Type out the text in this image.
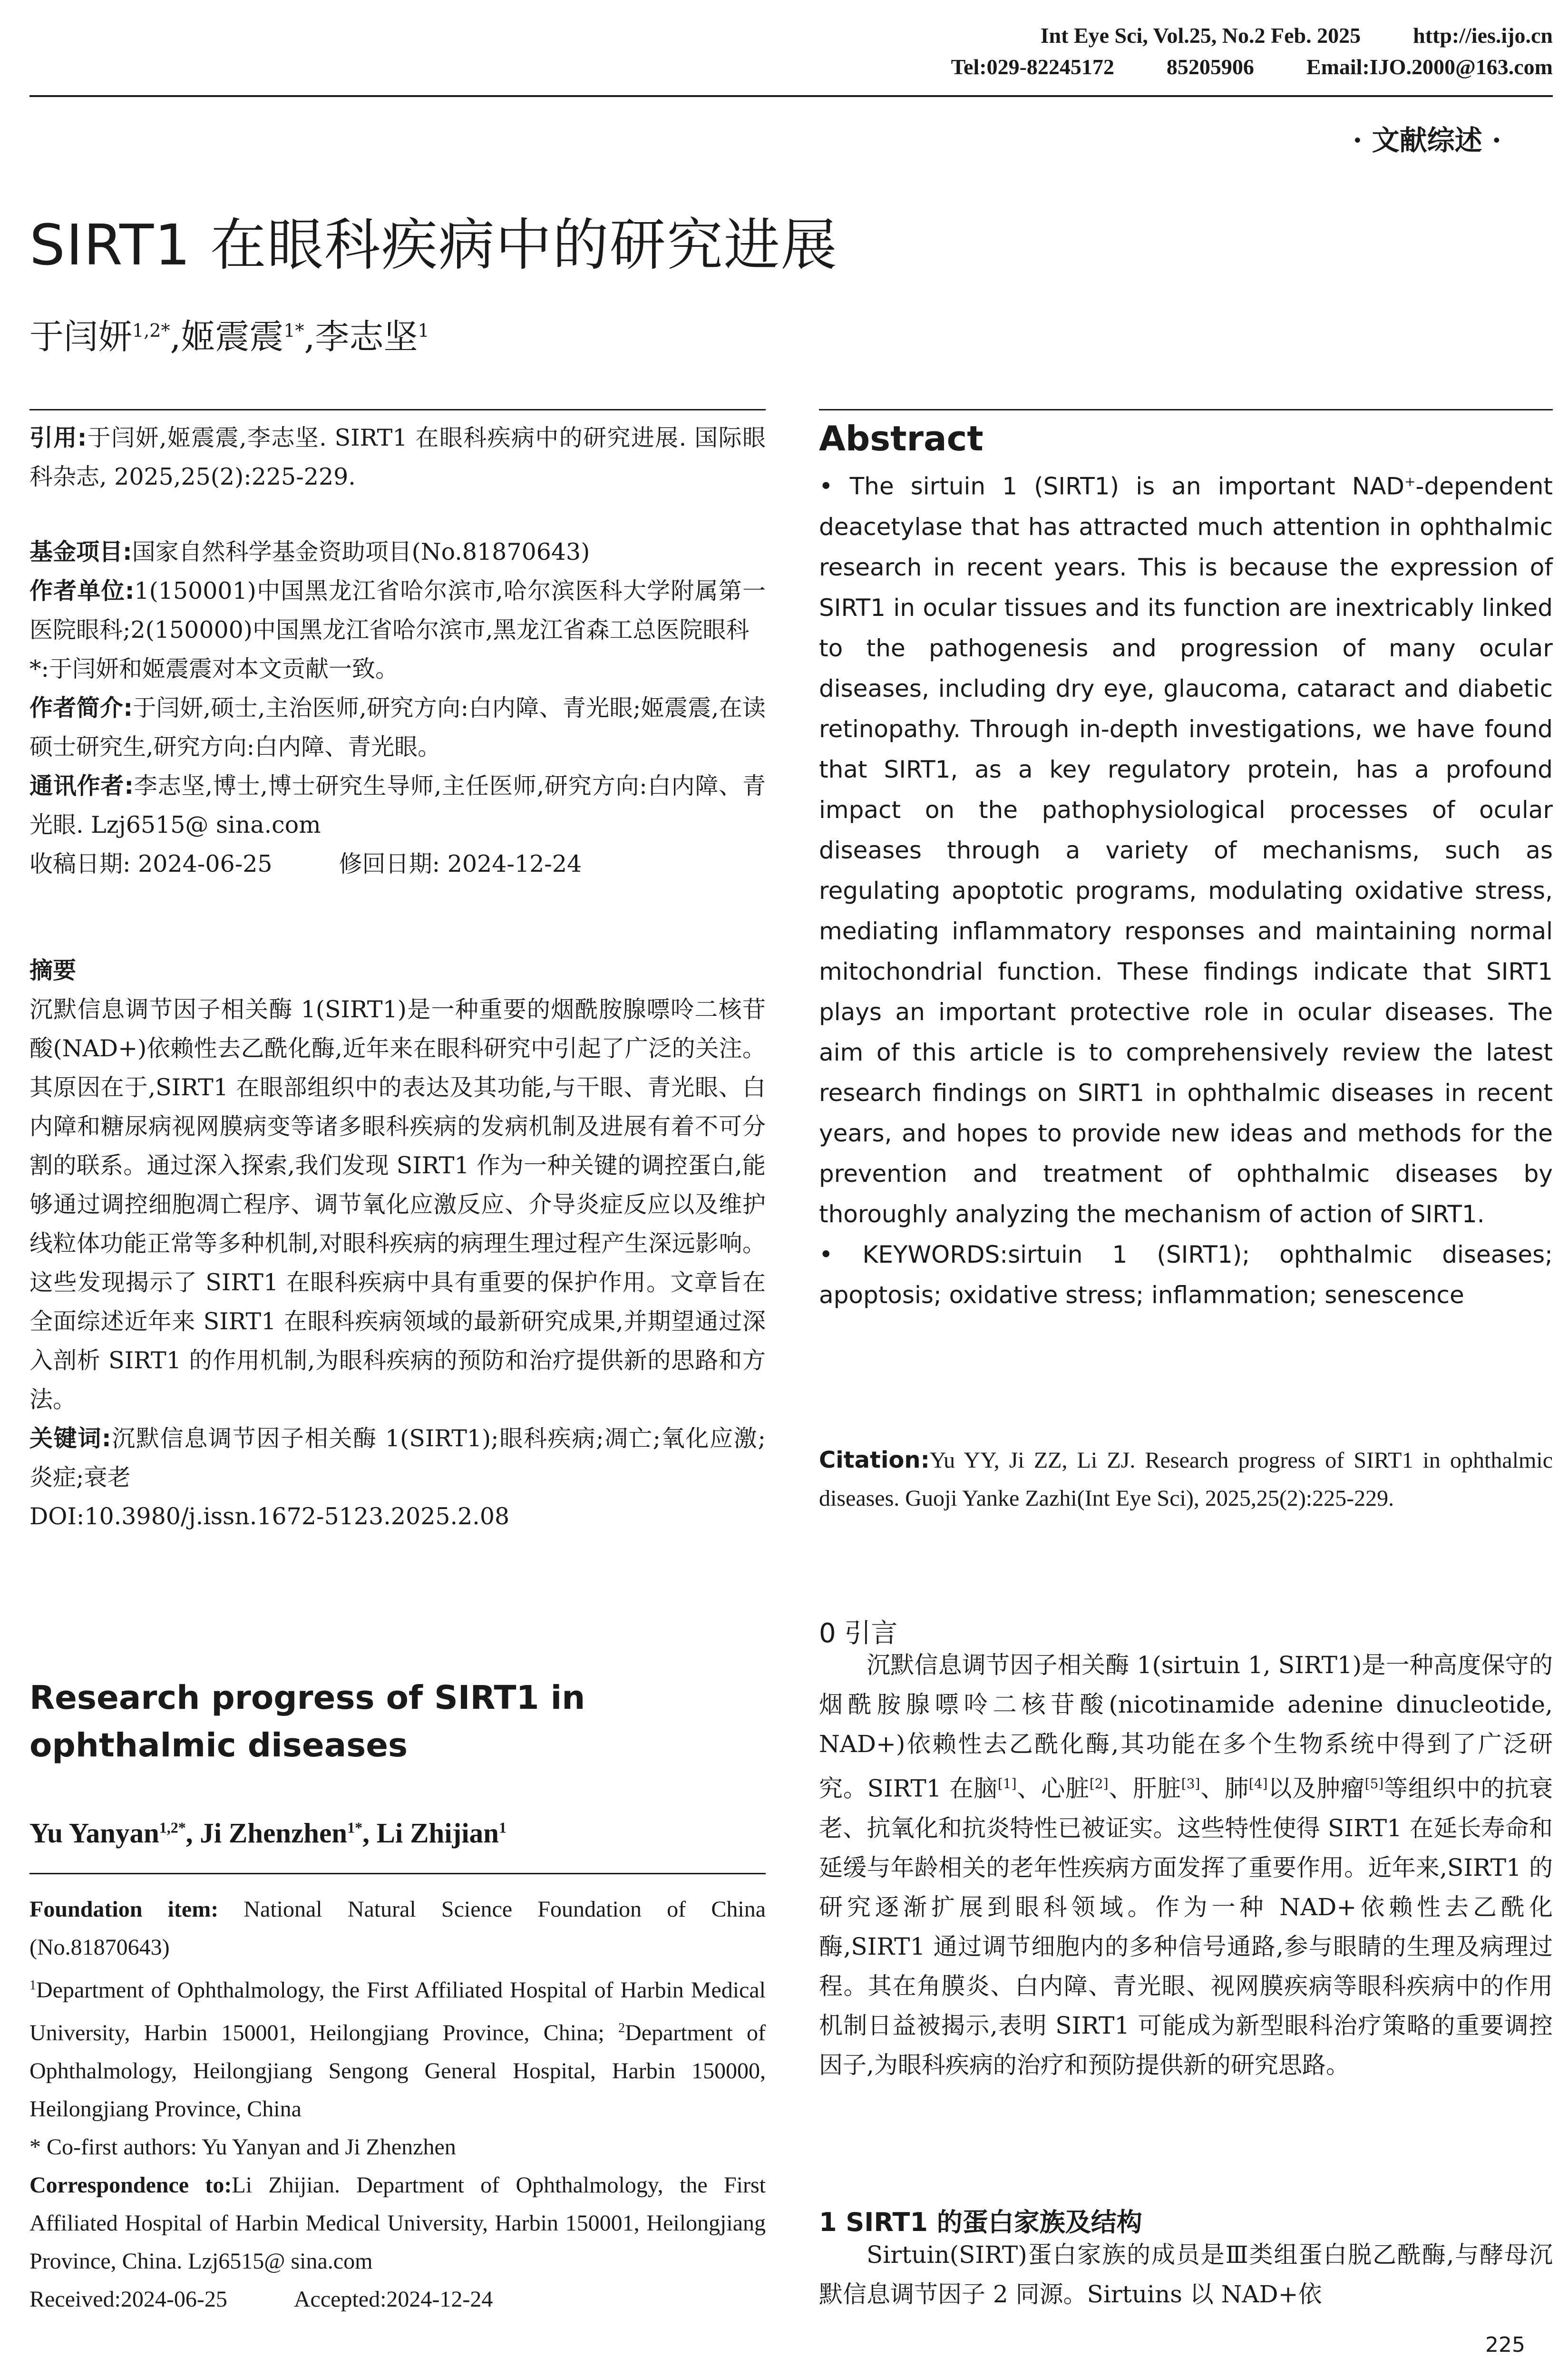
Int Eye Sci, Vol.25, No.2 Feb. 2025 http://ies.ijo.cn
Tel:029-82245172 85205906 Email:IJO.2000@163.com
· 文献综述 ·
SIRT1 在眼科疾病中的研究进展
于闫妍$^{1,2*}$,姬震震$^{1*}$,李志坚$^1$
引用:于闫妍,姬震震,李志坚. SIRT1 在眼科疾病中的研究进展. 国际眼科杂志, 2025,25(2):225-229.

基金项目:国家自然科学基金资助项目(No.81870643)

作者单位:1(150001)中国黑龙江省哈尔滨市,哈尔滨医科大学附属第一医院眼科;2(150000)中国黑龙江省哈尔滨市,黑龙江省森工总医院眼科

*:于闫妍和姬震震对本文贡献一致。

作者简介:于闫妍,硕士,主治医师,研究方向:白内障、青光眼;姬震震,在读硕士研究生,研究方向:白内障、青光眼。

通讯作者:李志坚,博士,博士研究生导师,主任医师,研究方向:白内障、青光眼. Lzj6515@ sina.com

收稿日期: 2024-06-25	修回日期: 2024-12-24

摘要

沉默信息调节因子相关酶 1(SIRT1)是一种重要的烟酰胺腺嘌呤二核苷酸(NAD+)依赖性去乙酰化酶,近年来在眼科研究中引起了广泛的关注。其原因在于,SIRT1 在眼部组织中的表达及其功能,与干眼、青光眼、白内障和糖尿病视网膜病变等诸多眼科疾病的发病机制及进展有着不可分割的联系。通过深入探索,我们发现 SIRT1 作为一种关键的调控蛋白,能够通过调控细胞凋亡程序、调节氧化应激反应、介导炎症反应以及维护线粒体功能正常等多种机制,对眼科疾病的病理生理过程产生深远影响。这些发现揭示了 SIRT1 在眼科疾病中具有重要的保护作用。文章旨在全面综述近年来 SIRT1 在眼科疾病领域的最新研究成果,并期望通过深入剖析 SIRT1 的作用机制,为眼科疾病的预防和治疗提供新的思路和方法。

关键词:沉默信息调节因子相关酶 1(SIRT1);眼科疾病;凋亡;氧化应激;炎症;衰老

DOI:10.3980/j.issn.1672-5123.2025.2.08

Research progress of SIRT1 in ophthalmic diseases
Yu Yanyan$^{1,2*}$, Ji Zhenzhen$^{1*}$, Li Zhijian$^1$

Foundation item: National Natural Science Foundation of China (No.81870643)

$^1$Department of Ophthalmology, the First Affiliated Hospital of Harbin Medical University, Harbin 150001, Heilongjiang Province, China; $^2$Department of Ophthalmology, Heilongjiang Sengong General Hospital, Harbin 150000, Heilongjiang Province, China

* Co-first authors: Yu Yanyan and Ji Zhenzhen

Correspondence to:Li Zhijian. Department of Ophthalmology, the First Affiliated Hospital of Harbin Medical University, Harbin 150001, Heilongjiang Province, China. Lzj6515@ sina.com

Received:2024-06-25	Accepted:2024-12-24

Abstract

• The sirtuin 1 (SIRT1) is an important NAD+-dependent deacetylase that has attracted much attention in ophthalmic research in recent years. This is because the expression of SIRT1 in ocular tissues and its function are inextricably linked to the pathogenesis and progression of many ocular diseases, including dry eye, glaucoma, cataract and diabetic retinopathy. Through in-depth investigations, we have found that SIRT1, as a key regulatory protein, has a profound impact on the pathophysiological processes of ocular diseases through a variety of mechanisms, such as regulating apoptotic programs, modulating oxidative stress, mediating inflammatory responses and maintaining normal mitochondrial function. These findings indicate that SIRT1 plays an important protective role in ocular diseases. The aim of this article is to comprehensively review the latest research findings on SIRT1 in ophthalmic diseases in recent years, and hopes to provide new ideas and methods for the prevention and treatment of ophthalmic diseases by thoroughly analyzing the mechanism of action of SIRT1.

• KEYWORDS:sirtuin 1 (SIRT1); ophthalmic diseases; apoptosis; oxidative stress; inflammation; senescence

Citation:Yu YY, Ji ZZ, Li ZJ. Research progress of SIRT1 in ophthalmic diseases. Guoji Yanke Zazhi(Int Eye Sci), 2025,25(2):225-229.
0 引言
沉默信息调节因子相关酶 1(sirtuin 1, SIRT1)是一种高度保守的烟酰胺腺嘌呤二核苷酸(nicotinamide adenine dinucleotide, NAD+)依赖性去乙酰化酶,其功能在多个生物系统中得到了广泛研究。SIRT1 在脑[1]、心脏[2]、肝脏[3]、肺[4]以及肿瘤[5]等组织中的抗衰老、抗氧化和抗炎特性已被证实。这些特性使得 SIRT1 在延长寿命和延缓与年龄相关的老年性疾病方面发挥了重要作用。近年来,SIRT1 的研究逐渐扩展到眼科领域。作为一种 NAD+依赖性去乙酰化酶,SIRT1 通过调节细胞内的多种信号通路,参与眼睛的生理及病理过程。其在角膜炎、白内障、青光眼、视网膜疾病等眼科疾病中的作用机制日益被揭示,表明 SIRT1 可能成为新型眼科治疗策略的重要调控因子,为眼科疾病的治疗和预防提供新的研究思路。
1 SIRT1 的蛋白家族及结构
Sirtuin(SIRT)蛋白家族的成员是Ⅲ类组蛋白脱乙酰酶,与酵母沉默信息调节因子 2 同源。Sirtuins 以 NAD+依
225
